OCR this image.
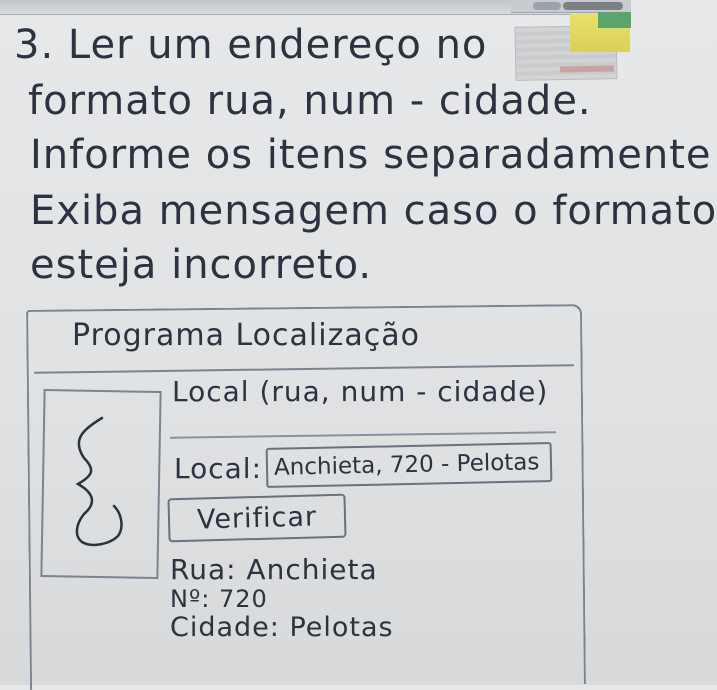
3. Ler um endereço no
formato rua, num - cidade.
Informe os itens separadamente
Exiba mensagem caso o formato
esteja incorreto.
Programa Localização
Local (rua, num - cidade)
Local:
Anchieta, 720 - Pelotas
Verificar
Rua: Anchieta
Nº: 720
Cidade: Pelotas
